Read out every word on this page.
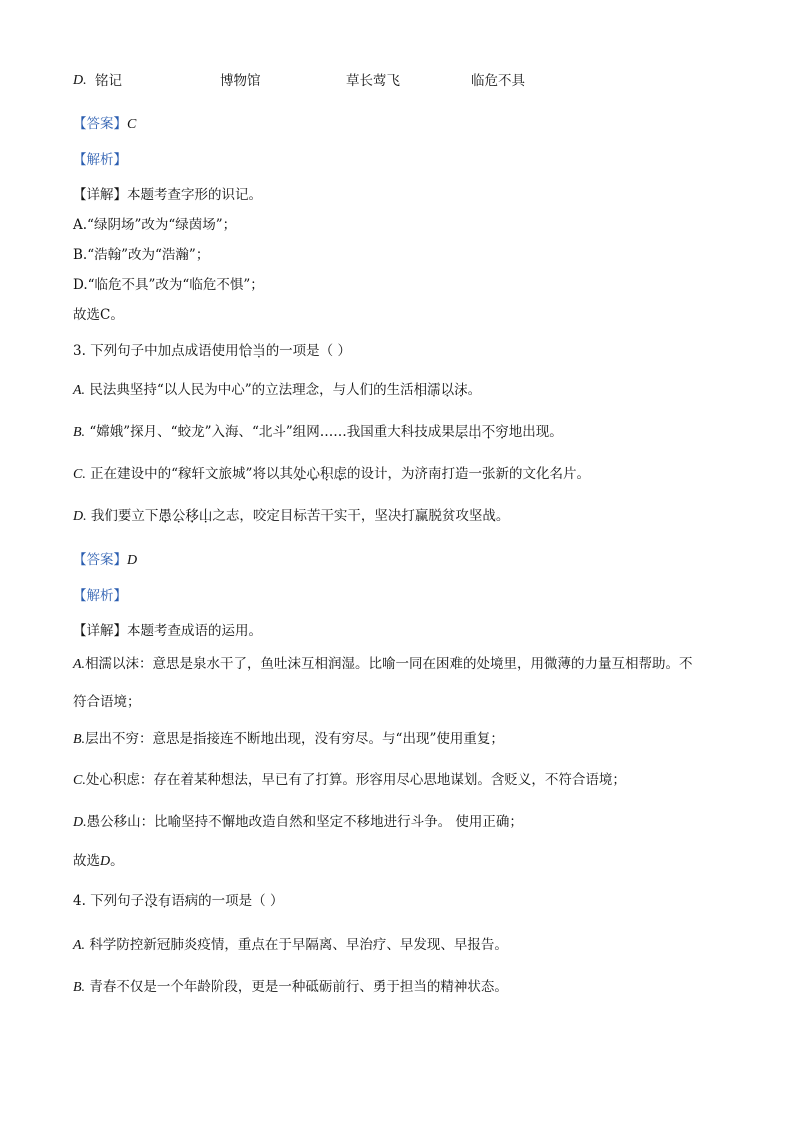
D. 铭记	博物馆	草长莺飞	临危不具
【答案】C
【解析】
【详解】本题考查字形的识记。
A.“绿阴场”改为“绿茵场”；
B.“浩翰”改为“浩瀚”；
D.“临危不具”改为“临危不惧”；
故选C。
3. 下列句子中加点成语使用恰当的一项是（ ）
A. 民法典坚持“以人民为中心”的立法理念，与人们的生活相濡以沫。
B. “嫦娥”探月、“蛟龙”入海、“北斗”组网……我国重大科技成果层出不穷地出现。
C. 正在建设中的“稼轩文旅城”将以其处心积虑的设计，为济南打造一张新的文化名片。
D. 我们要立下愚公移山之志，咬定目标苦干实干，坚决打赢脱贫攻坚战。
【答案】D
【解析】
【详解】本题考查成语的运用。
A.相濡以沫：意思是泉水干了，鱼吐沫互相润湿。比喻一同在困难的处境里，用微薄的力量互相帮助。不
符合语境；
B.层出不穷：意思是指接连不断地出现，没有穷尽。与“出现”使用重复；
C.处心积虑：存在着某种想法，早已有了打算。形容用尽心思地谋划。含贬义，不符合语境；
D.愚公移山：比喻坚持不懈地改造自然和坚定不移地进行斗争。 使用正确；
故选D。
4. 下列句子没有语病的一项是（ ）
A. 科学防控新冠肺炎疫情，重点在于早隔离、早治疗、早发现、早报告。
B. 青春不仅是一个年龄阶段，更是一种砥砺前行、勇于担当的精神状态。
